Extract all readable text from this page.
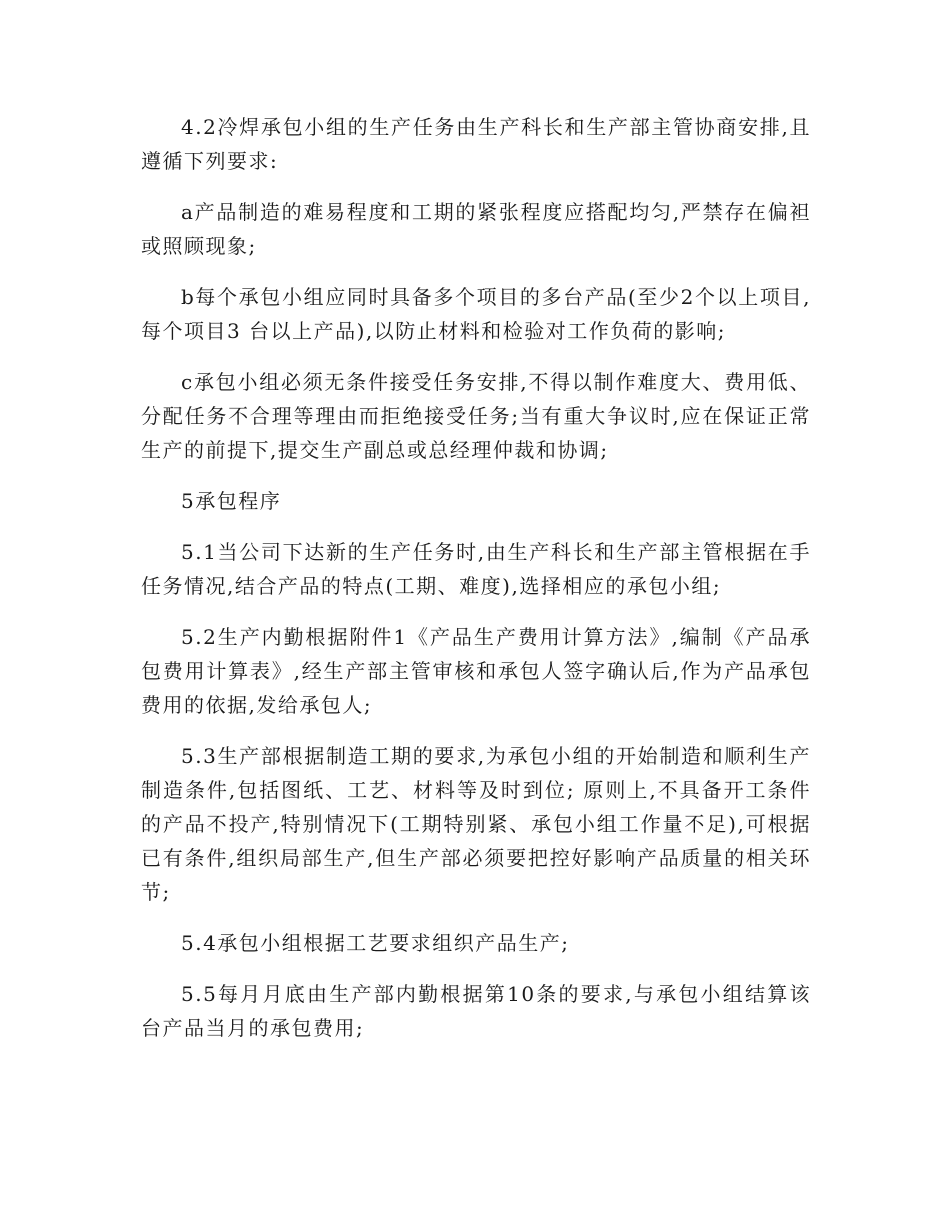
4.2冷焊承包小组的生产任务由生产科长和生产部主管协商安排,且遵循下列要求:

a产品制造的难易程度和工期的紧张程度应搭配均匀,严禁存在偏袒或照顾现象;

b每个承包小组应同时具备多个项目的多台产品(至少2个以上项目,每个项目3 台以上产品),以防止材料和检验对工作负荷的影响;

c承包小组必须无条件接受任务安排,不得以制作难度大、费用低、分配任务不合理等理由而拒绝接受任务;当有重大争议时,应在保证正常生产的前提下,提交生产副总或总经理仲裁和协调;

5承包程序

5.1当公司下达新的生产任务时,由生产科长和生产部主管根据在手任务情况,结合产品的特点(工期、难度),选择相应的承包小组;

5.2生产内勤根据附件1《产品生产费用计算方法》,编制《产品承包费用计算表》,经生产部主管审核和承包人签字确认后,作为产品承包费用的依据,发给承包人;

5.3生产部根据制造工期的要求,为承包小组的开始制造和顺利生产制造条件,包括图纸、工艺、材料等及时到位; 原则上,不具备开工条件的产品不投产,特别情况下(工期特别紧、承包小组工作量不足),可根据已有条件,组织局部生产,但生产部必须要把控好影响产品质量的相关环节;

5.4承包小组根据工艺要求组织产品生产;

5.5每月月底由生产部内勤根据第10条的要求,与承包小组结算该台产品当月的承包费用;
